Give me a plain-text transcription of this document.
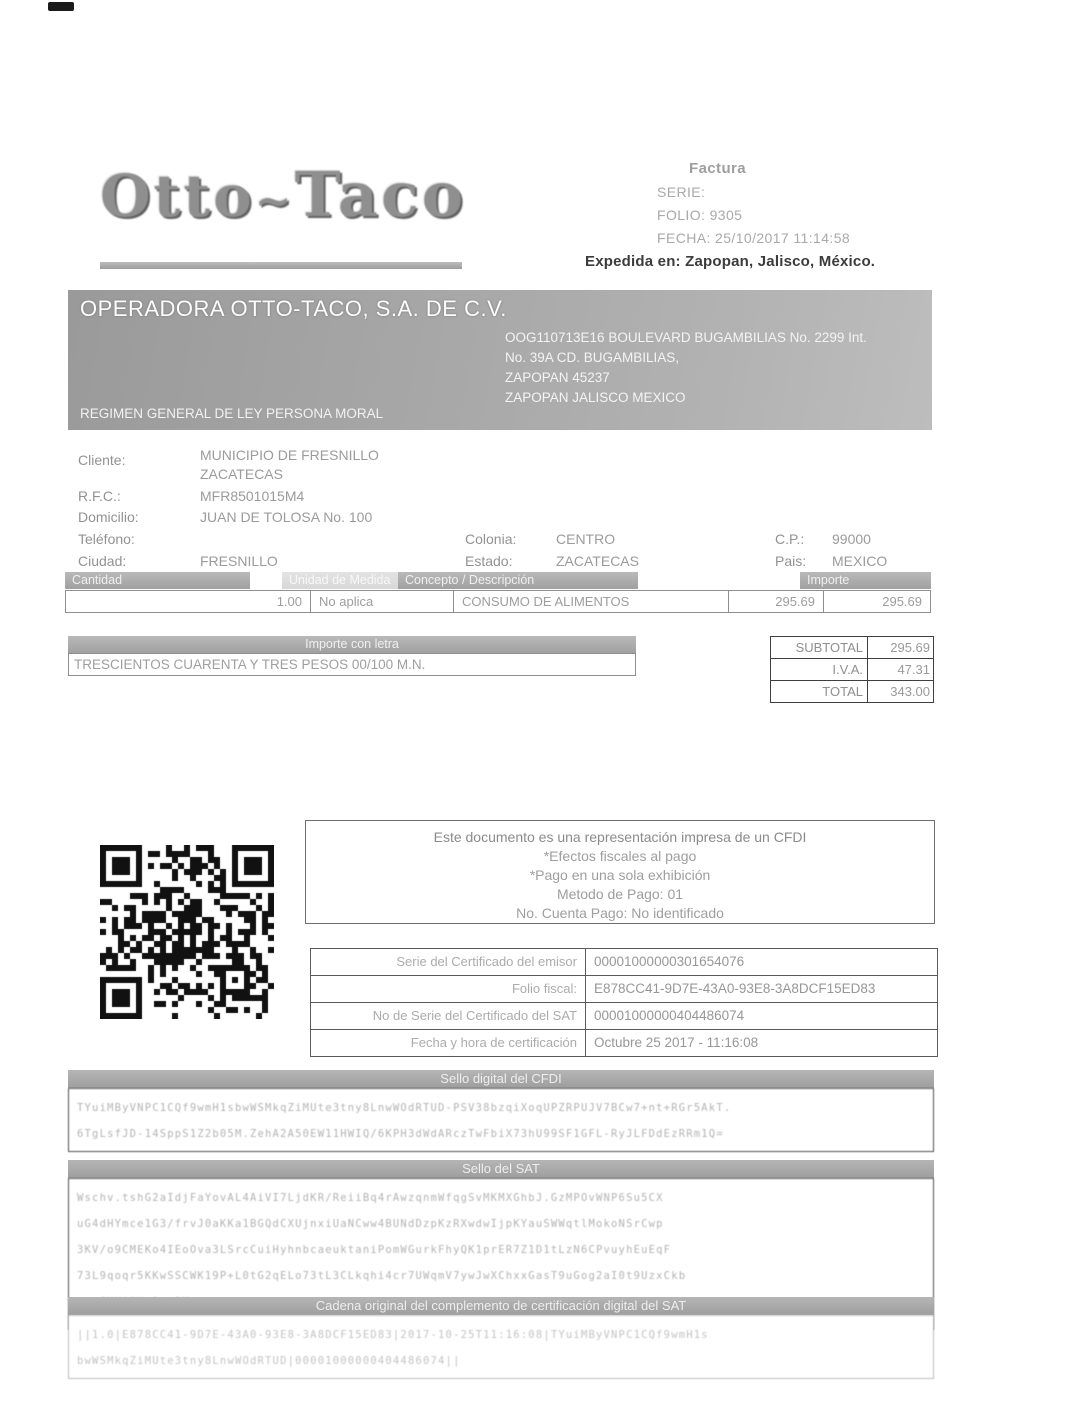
Otto~Taco	Factura
SERIE:
FOLIO: 9305
FECHA: 25/10/2017 11:14:58
Expedida en: Zapopan, Jalisco, México.
OPERADORA OTTO-TACO, S.A. DE C.V.
OOG110713E16 BOULEVARD BUGAMBILIAS No. 2299 Int.
No. 39A CD. BUGAMBILIAS,
ZAPOPAN 45237
ZAPOPAN JALISCO MEXICO
REGIMEN GENERAL DE LEY PERSONA MORAL
Cliente:	MUNICIPIO DE FRESNILLO
ZACATECAS
R.F.C.:	MFR8501015M4
Domicilio:	JUAN DE TOLOSA No. 100
Teléfono:
Ciudad:	FRESNILLO
Colonia:	CENTRO
Estado:	ZACATECAS
C.P.: 99000
Pais: MEXICO
Cantidad	Unidad de Medida	Concepto / Descripción	Importe
1.00	No aplica	CONSUMO DE ALIMENTOS	295.69	295.69
Importe con letra
TRESCIENTOS CUARENTA Y TRES PESOS 00/100 M.N.
SUBTOTAL	295.69
I.V.A.	47.31
TOTAL	343.00
Este documento es una representación impresa de un CFDI
*Efectos fiscales al pago
*Pago en una sola exhibición
Metodo de Pago: 01
No. Cuenta Pago: No identificado
Serie del Certificado del emisor	00001000000301654076
Folio fiscal:	E878CC41-9D7E-43A0-93E8-3A8DCF15ED83
No de Serie del Certificado del SAT	00001000000404486074
Fecha y hora de certificación	Octubre 25 2017 - 11:16:08
Sello digital del CFDI
TYuiMByVNPC1CQf9wmH1sbwWSMkqZiMUte3tny8LnwWOdRTUD-PSV38bzqiXoqUPZRPUJV7BCw7+nt+RGr5AkT.
6TgLsfJD-14SppS1Z2b05M.ZehA2A50EW11HWIQ/6KPH3dWdARczTwFbiX73hU99SF1GFL-RyJLFDdEzRRm1Q=
Sello del SAT
Wschv.tshG2aIdjFaYovAL4AiVI7LjdKR/ReiiBq4rAwzqnmWfqgSvMKMXGhbJ.GzMPOvWNP6Su5CX
uG4dHYmce1G3/frvJ0aKKa1BGQdCXUjnxiUaNCww4BUNdDzpKzRXwdwIjpKYauSWWqtlMokoNSrCwp
3KV/o9CMEKo4IEoOva3LSrcCuiHyhnbcaeuktaniPomWGurkFhyQK1prER7Z1D1tLzN6CPvuyhEuEqF
73L9qoqr5KKwSSCWK19P+L0tG2qELo73tL3CLkqhi4cr7UWqmV7ywJwXChxxGasT9uGog2aI0t9UzxCkb
Cadena original del complemento de certificación digital del SAT
||1.0|E878CC41-9D7E-43A0-93E8-3A8DCF15ED83|2017-10-25T11:16:08|TYuiMByVNPC1CQf9wmH1s
bwWSMkqZiMUte3tny8LnwWOdRTUD|00001000000404486074||
